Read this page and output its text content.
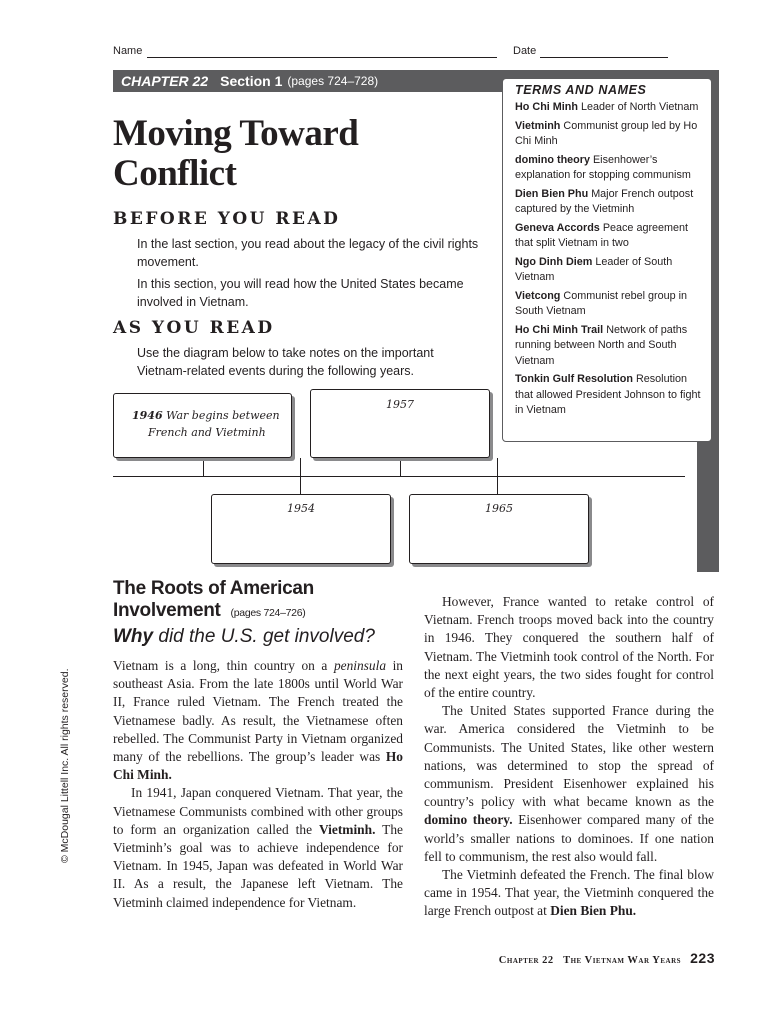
Name	Date
CHAPTER 22 Section 1 (pages 724–728)
Moving Toward
Conflict
BEFORE YOU READ

In the last section, you read about the legacy of the civil rights movement.

In this section, you will read how the United States became involved in Vietnam.

AS YOU READ
Use the diagram below to take notes on the important Vietnam-related events during the following years.
TERMS AND NAMES
Ho Chi Minh Leader of North Vietnam
Vietminh Communist group led by Ho Chi Minh
domino theory Eisenhower’s explanation for stopping communism
Dien Bien Phu Major French outpost captured by the Vietminh
Geneva Accords Peace agreement that split Vietnam in two
Ngo Dinh Diem Leader of South Vietnam
Vietcong Communist rebel group in South Vietnam
Ho Chi Minh Trail Network of paths running between North and South Vietnam
Tonkin Gulf Resolution Resolution that allowed President Johnson to fight in Vietnam
1946 War begins between
French and Vietminh
1957
1954	1965
The Roots of American
Involvement (pages 724–726)
Why did the U.S. get involved?

Vietnam is a long, thin country on a peninsula in southeast Asia. From the late 1800s until World War II, France ruled Vietnam. The French treated the Vietnamese badly. As result, the Vietnamese often rebelled. The Communist Party in Vietnam organized many of the rebellions. The group’s leader was Ho Chi Minh.

In 1941, Japan conquered Vietnam. That year, the Vietnamese Communists combined with other groups to form an organization called the Vietminh. The Vietminh’s goal was to achieve independence for Vietnam. In 1945, Japan was defeated in World War II. As a result, the Japanese left Vietnam. The Vietminh claimed independence for Vietnam.

However, France wanted to retake control of Vietnam. French troops moved back into the country in 1946. They conquered the southern half of Vietnam. The Vietminh took control of the North. For the next eight years, the two sides fought for control of the entire country.

The United States supported France during the war. America considered the Vietminh to be Communists. The United States, like other western nations, was determined to stop the spread of communism. President Eisenhower explained his country’s policy with what became known as the domino theory. Eisenhower compared many of the world’s smaller nations to dominoes. If one nation fell to communism, the rest also would fall.

The Vietminh defeated the French. The final blow came in 1954. That year, the Vietminh conquered the large French outpost at Dien Bien Phu.

© McDougal Littell Inc. All rights reserved.
Chapter 22 The Vietnam War Years 223
